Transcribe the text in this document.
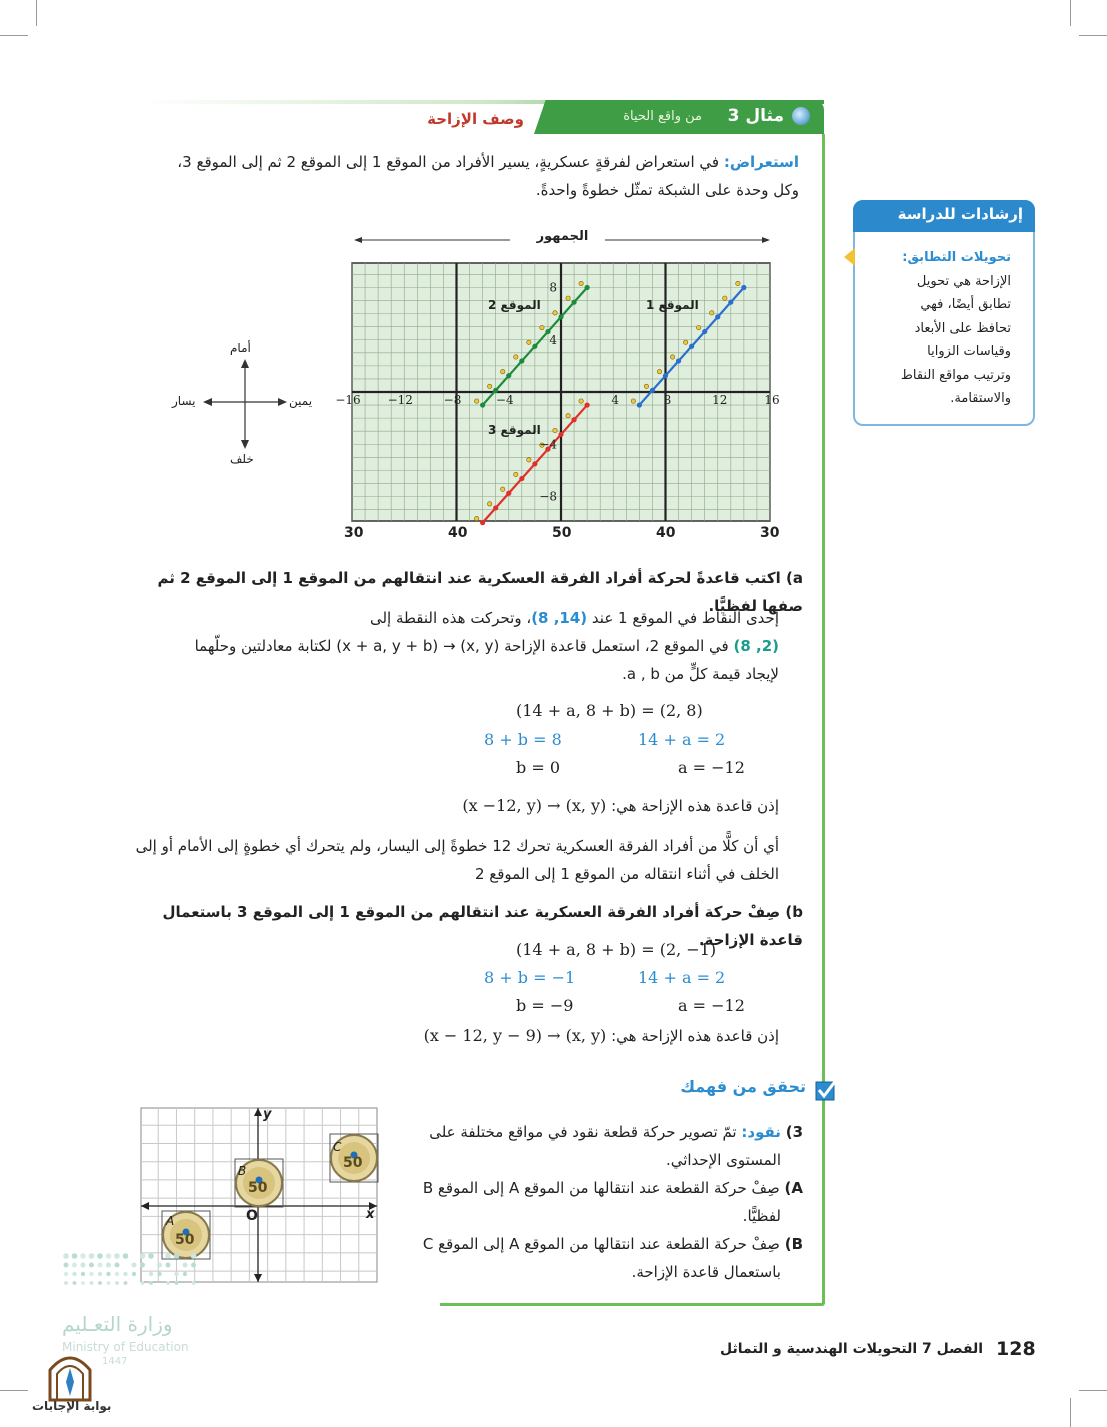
مثال 3
من واقع الحياة
وصف الإزاحة
استعراض: في استعراض لفرقةٍ عسكريةٍ، يسير الأفراد من الموقع 1 إلى الموقع 2 ثم إلى الموقع 3،
وكل وحدة على الشبكة تمثّل خطوةً واحدةً.
إرشادات للدراسة
تحويلات التطابق:
الإزاحة هي تحويل
تطابق أيضًا، فهي
تحافظ على الأبعاد
وقياسات الزوايا
وترتيب مواقع النقاط
والاستقامة.
الجمهور
أمام
خلف
يسار	يمين −16 −12	−8	−4	4	8	12	16
8
4
−4
−8
الموقع 2	الموقع 1
الموقع 3
30	40	50	40	30
a) اكتب قاعدةً لحركة أفراد الفرقة العسكرية عند انتقالهم من الموقع 1 إلى الموقع 2 ثم صفها لفظيًّا.
إحدى النقاط في الموقع 1 عند (14, 8)، وتحركت هذه النقطة إلى
(2, 8) في الموقع 2، استعمل قاعدة الإزاحة (x, y) → (x + a, y + b) لكتابة معادلتين وحلّهما
لإيجاد قيمة كلٍّ من a , b.
(14 + a, 8 + b) = (2, 8)
8 + b = 8	14 + a = 2
b = 0	a = −12
إذن قاعدة هذه الإزاحة هي: (x, y) → (x −12, y)
أي أن كلًّا من أفراد الفرقة العسكرية تحرك 12 خطوةً إلى اليسار، ولم يتحرك أي خطوةٍ إلى الأمام أو إلى
الخلف في أثناء انتقاله من الموقع 1 إلى الموقع 2
b) صِفْ حركة أفراد الفرقة العسكرية عند انتقالهم من الموقع 1 إلى الموقع 3 باستعمال قاعدة الإزاحة.
(14 + a, 8 + b) = (2, −1)
8 + b = −1	14 + a = 2
b = −9	a = −12
إذن قاعدة هذه الإزاحة هي: (x, y) → (x − 12, y − 9)
تحقق من فهمك
3) نقود: تمّ تصوير حركة قطعة نقود في مواقع مختلفة على
المستوى الإحداثي.
A) صِفْ حركة القطعة عند انتقالها من الموقع A إلى الموقع B
لفظيًّا.
B) صِفْ حركة القطعة عند انتقالها من الموقع A إلى الموقع C
باستعمال قاعدة الإزاحة.
50
50
50
A
B
C
O	x
y
وزارة التعـليم
Ministry of Education
1447
بوابة الإجابات
128
الفصل 7 التحويلات الهندسية و التماثل
